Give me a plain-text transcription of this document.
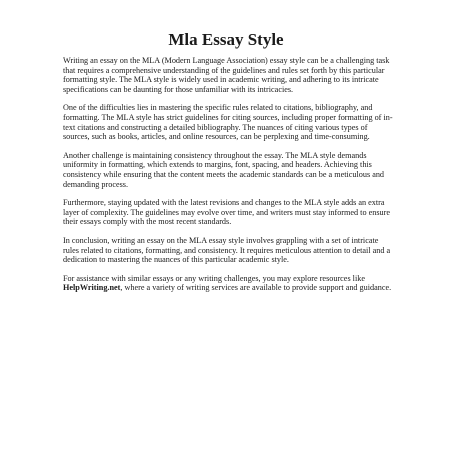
Mla Essay Style

Writing an essay on the MLA (Modern Language Association) essay style can be a challenging task that requires a comprehensive understanding of the guidelines and rules set forth by this particular formatting style. The MLA style is widely used in academic writing, and adhering to its intricate specifications can be daunting for those unfamiliar with its intricacies.

One of the difficulties lies in mastering the specific rules related to citations, bibliography, and formatting. The MLA style has strict guidelines for citing sources, including proper formatting of in-text citations and constructing a detailed bibliography. The nuances of citing various types of sources, such as books, articles, and online resources, can be perplexing and time-consuming.

Another challenge is maintaining consistency throughout the essay. The MLA style demands uniformity in formatting, which extends to margins, font, spacing, and headers. Achieving this consistency while ensuring that the content meets the academic standards can be a meticulous and demanding process.

Furthermore, staying updated with the latest revisions and changes to the MLA style adds an extra layer of complexity. The guidelines may evolve over time, and writers must stay informed to ensure their essays comply with the most recent standards.

In conclusion, writing an essay on the MLA essay style involves grappling with a set of intricate rules related to citations, formatting, and consistency. It requires meticulous attention to detail and a dedication to mastering the nuances of this particular academic style.

For assistance with similar essays or any writing challenges, you may explore resources like HelpWriting.net, where a variety of writing services are available to provide support and guidance.
